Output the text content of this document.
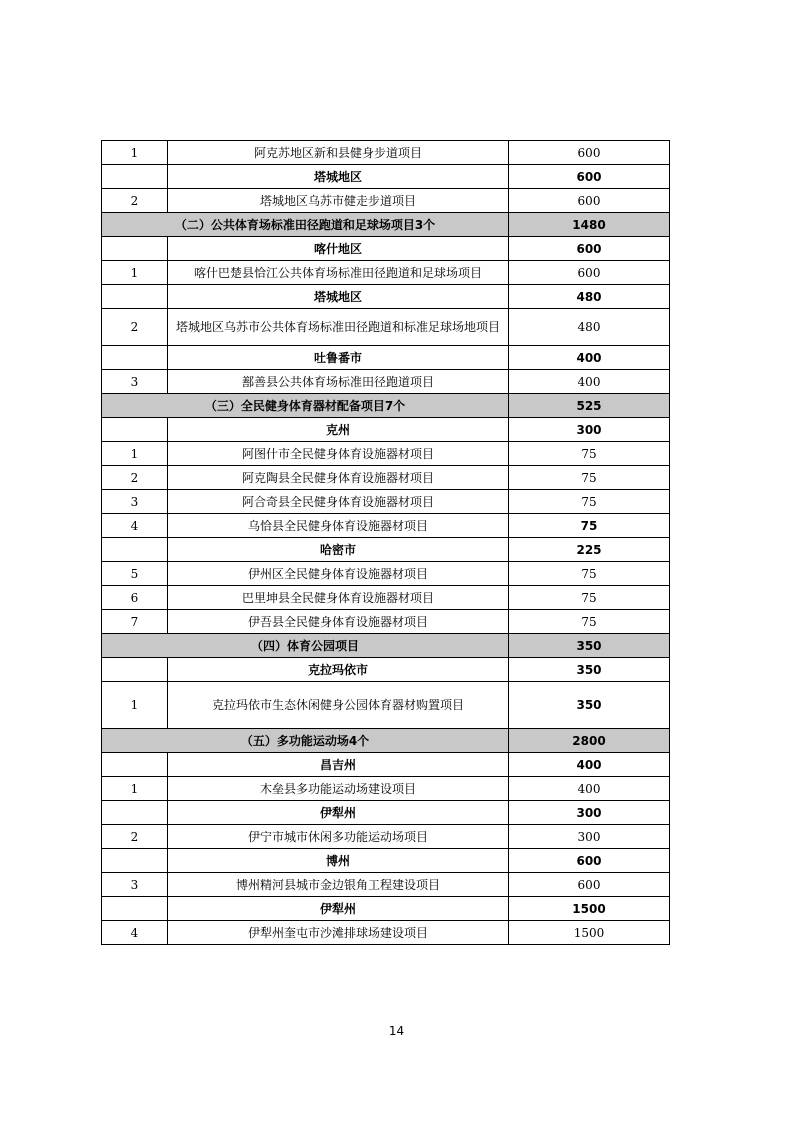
1	阿克苏地区新和县健身步道项目	600
	塔城地区	600
2	塔城地区乌苏市健走步道项目	600
（二）公共体育场标准田径跑道和足球场项目3个		1480
	喀什地区	600
1	喀什巴楚县恰江公共体育场标准田径跑道和足球场项目	600
	塔城地区	480
2	塔城地区乌苏市公共体育场标准田径跑道和标准足球场地项目	480
	吐鲁番市	400
3	鄯善县公共体育场标准田径跑道项目	400
（三）全民健身体育器材配备项目7个		525
	克州	300
1	阿图什市全民健身体育设施器材项目	75
2	阿克陶县全民健身体育设施器材项目	75
3	阿合奇县全民健身体育设施器材项目	75
4	乌恰县全民健身体育设施器材项目	75
	哈密市	225
5	伊州区全民健身体育设施器材项目	75
6	巴里坤县全民健身体育设施器材项目	75
7	伊吾县全民健身体育设施器材项目	75
（四）体育公园项目		350
	克拉玛依市	350
1	克拉玛依市生态休闲健身公园体育器材购置项目	350
（五）多功能运动场4个		2800
	昌吉州	400
1	木垒县多功能运动场建设项目	400
	伊犁州	300
2	伊宁市城市休闲多功能运动场项目	300
	博州	600
3	博州精河县城市金边银角工程建设项目	600
	伊犁州	1500
4	伊犁州奎屯市沙滩排球场建设项目	1500
14
